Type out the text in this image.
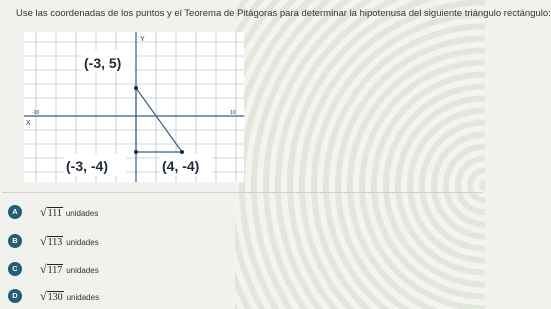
Use las coordenadas de los puntos y el Teorema de Pitágoras para determinar la hipotenusa del siguiente triángulo rectángulo:
Y
X
-10	10
(-3, 5)
(-3, -4)	(4, -4)
A	√111 unidades
B	√113 unidades
C	√117 unidades
D	√130 unidades
